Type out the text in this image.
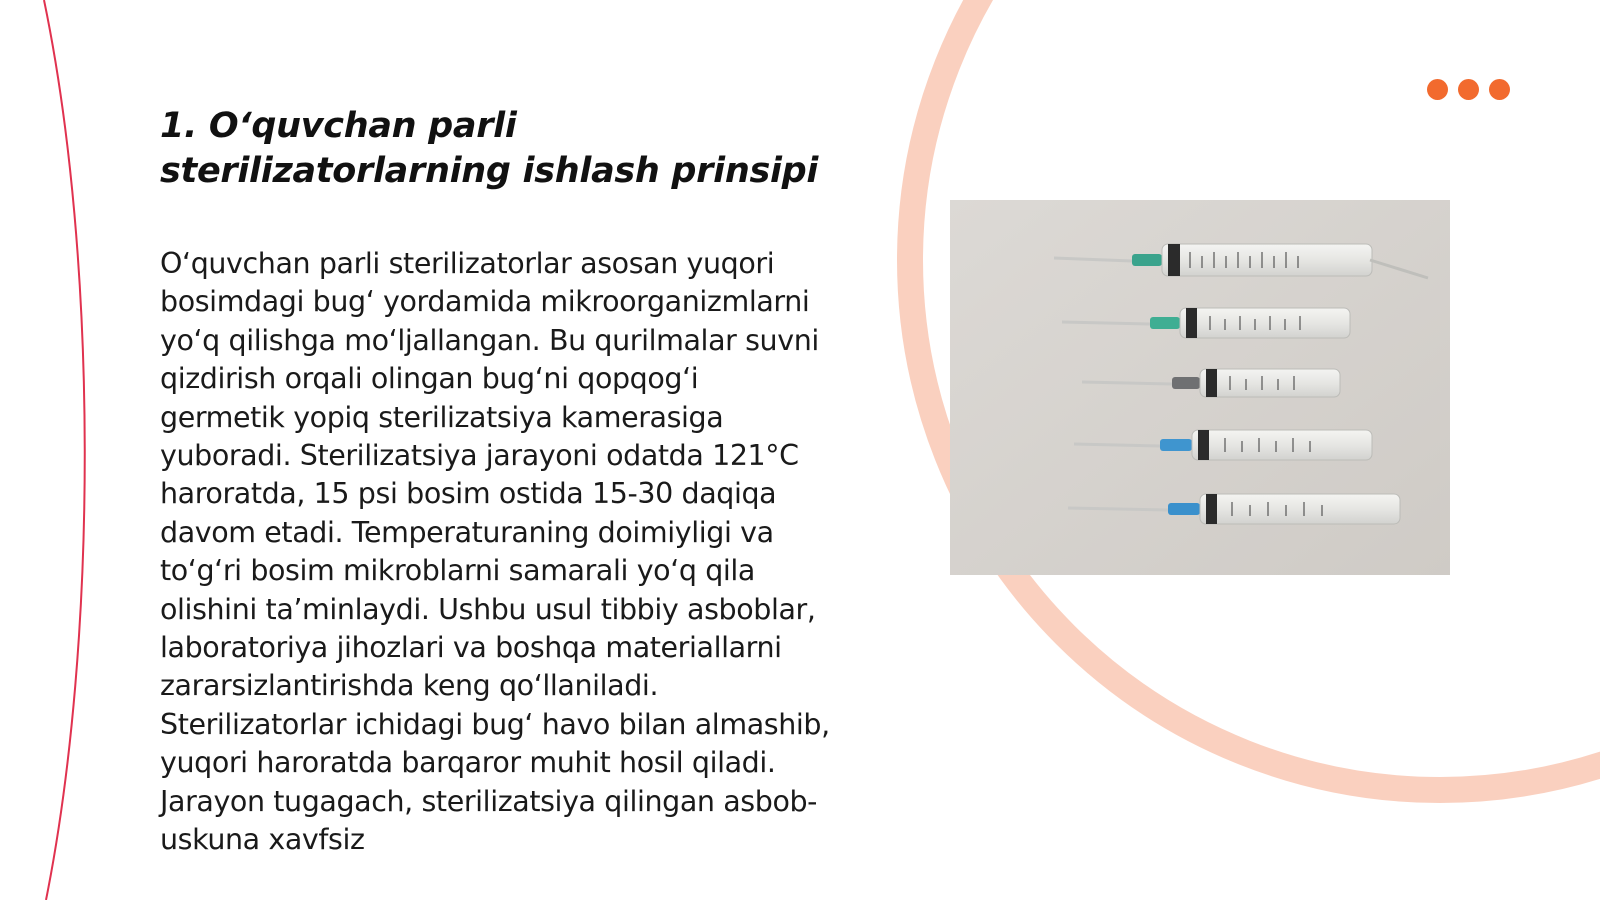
1. O‘quvchan parli sterilizatorlarning ishlash prinsipi

O‘quvchan parli sterilizatorlar asosan yuqori bosimdagi bug‘ yordamida mikroorganizmlarni yo‘q qilishga mo‘ljallangan. Bu qurilmalar suvni qizdirish orqali olingan bug‘ni qopqog‘i germetik yopiq sterilizatsiya kamerasiga yuboradi. Sterilizatsiya jarayoni odatda 121°C haroratda, 15 psi bosim ostida 15-30 daqiqa davom etadi. Temperaturaning doimiyligi va to‘g‘ri bosim mikroblarni samarali yo‘q qila olishini ta’minlaydi. Ushbu usul tibbiy asboblar, laboratoriya jihozlari va boshqa materiallarni zararsizlantirishda keng qo‘llaniladi. Sterilizatorlar ichidagi bug‘ havo bilan almashib, yuqori haroratda barqaror muhit hosil qiladi. Jarayon tugagach, sterilizatsiya qilingan asbob-uskuna xavfsiz
